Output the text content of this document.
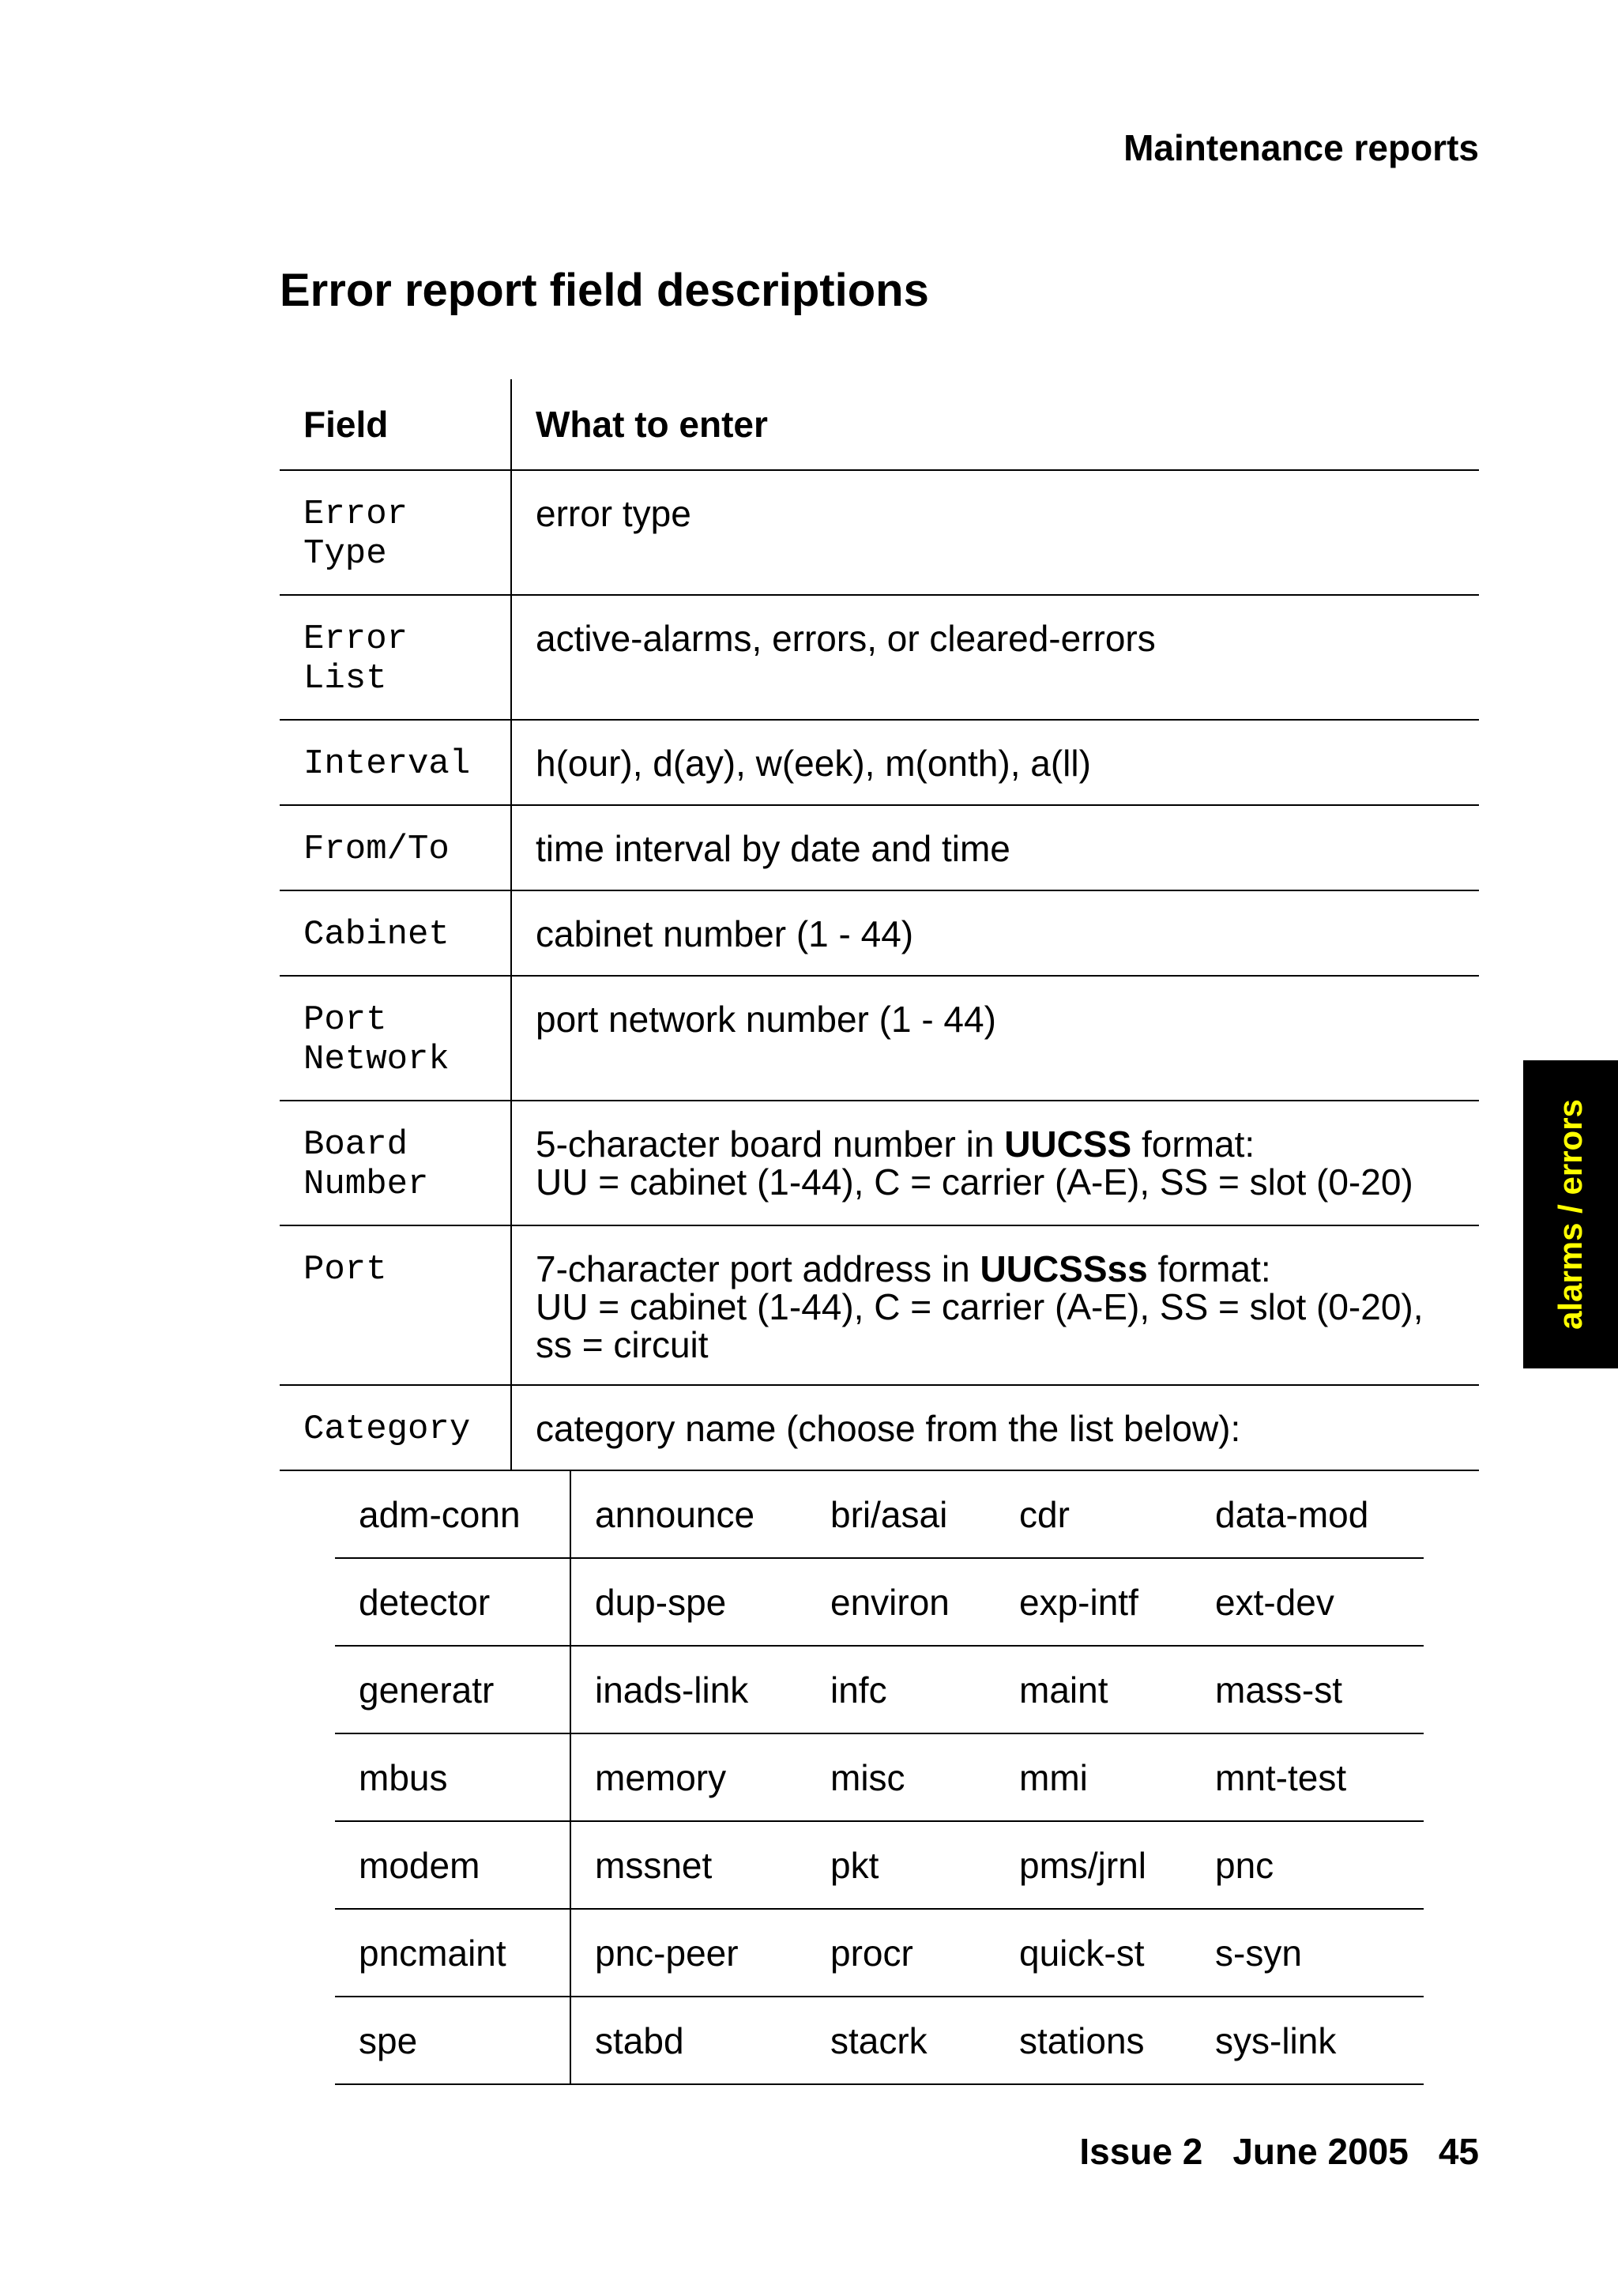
Maintenance reports
Error report field descriptions
Field	What to enter
Error
Type	error type
Error
List	active-alarms, errors, or cleared-errors
Interval	h(our), d(ay), w(eek), m(onth), a(ll)
From/To	time interval by date and time
Cabinet	cabinet number (1 - 44)
Port
Network	port network number (1 - 44)
Board
Number	5-character board number in UUCSS format:
UU = cabinet (1-44), C = carrier (A-E), SS = slot (0-20)
Port	7-character port address in UUCSSss format:
UU = cabinet (1-44), C = carrier (A-E), SS = slot (0-20), ss = circuit
Category	category name (choose from the list below):
adm-conn	announce	bri/asai	cdr	data-mod
detector	dup-spe	environ	exp-intf	ext-dev
generatr	inads-link	infc	maint	mass-st
mbus	memory	misc	mmi	mnt-test
modem	mssnet	pkt	pms/jrnl	pnc
pncmaint	pnc-peer	procr	quick-st	s-syn
spe	stabd	stacrk	stations	sys-link
alarms / errors
Issue 2 June 2005 45
